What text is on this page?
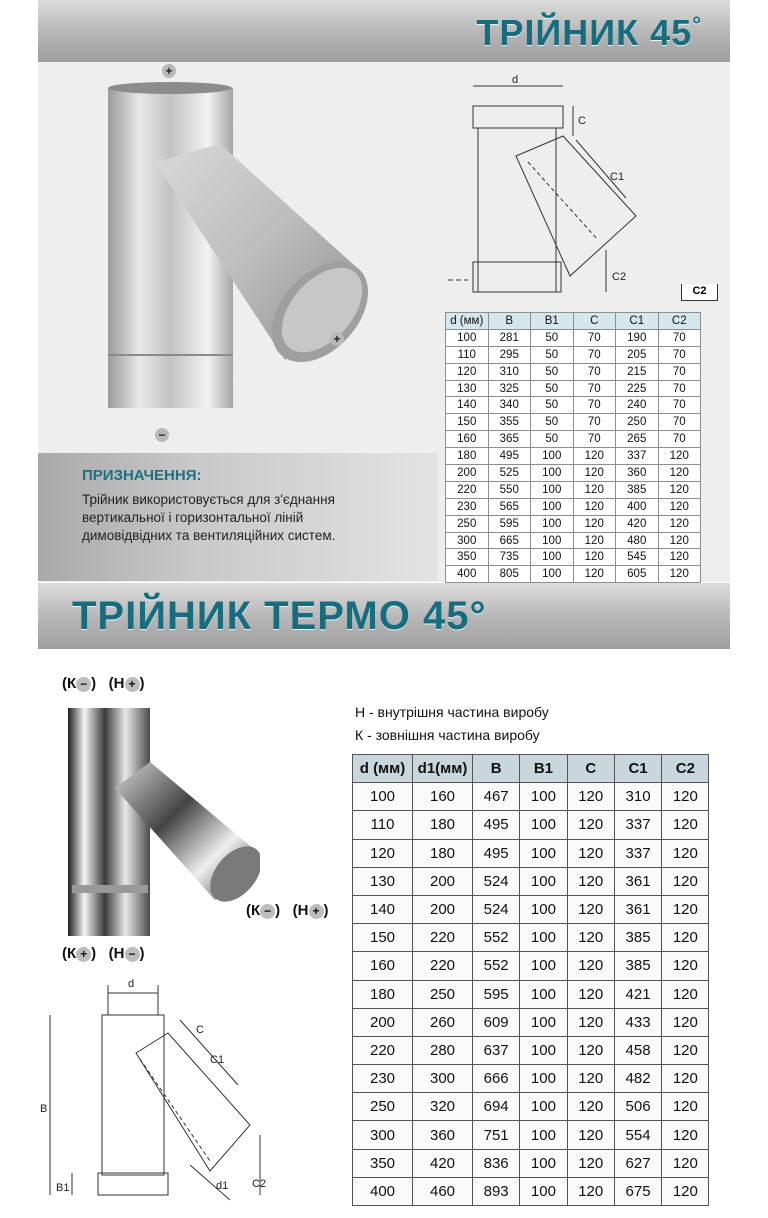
ТРІЙНИК 45°
+
+
−
d
C
C1
C2
C2
d (мм)	B	B1	C	C1	C2
100	281	50	70	190	70
110	295	50	70	205	70
120	310	50	70	215	70
130	325	50	70	225	70
140	340	50	70	240	70
150	355	50	70	250	70
160	365	50	70	265	70
180	495	100	120	337	120
200	525	100	120	360	120
220	550	100	120	385	120
230	565	100	120	400	120
250	595	100	120	420	120
300	665	100	120	480	120
350	735	100	120	545	120
400	805	100	120	605	120
ПРИЗНАЧЕННЯ:
Трійник використовується для з'єднання вертикальної і горизонтальної ліній димовідвідних та вентиляційних систем.
ТРІЙНИК ТЕРМО 45°
(К − ) (Н + )
(К − ) (Н + )
(К + ) (Н − )
d
C
C1
B
B1	d1 C2
Н - внутрішня частина виробу
К - зовнішня частина виробу
d (мм)	d1(мм)	B	B1	C	C1	C2
100	160	467	100	120	310	120
110	180	495	100	120	337	120
120	180	495	100	120	337	120
130	200	524	100	120	361	120
140	200	524	100	120	361	120
150	220	552	100	120	385	120
160	220	552	100	120	385	120
180	250	595	100	120	421	120
200	260	609	100	120	433	120
220	280	637	100	120	458	120
230	300	666	100	120	482	120
250	320	694	100	120	506	120
300	360	751	100	120	554	120
350	420	836	100	120	627	120
400	460	893	100	120	675	120
